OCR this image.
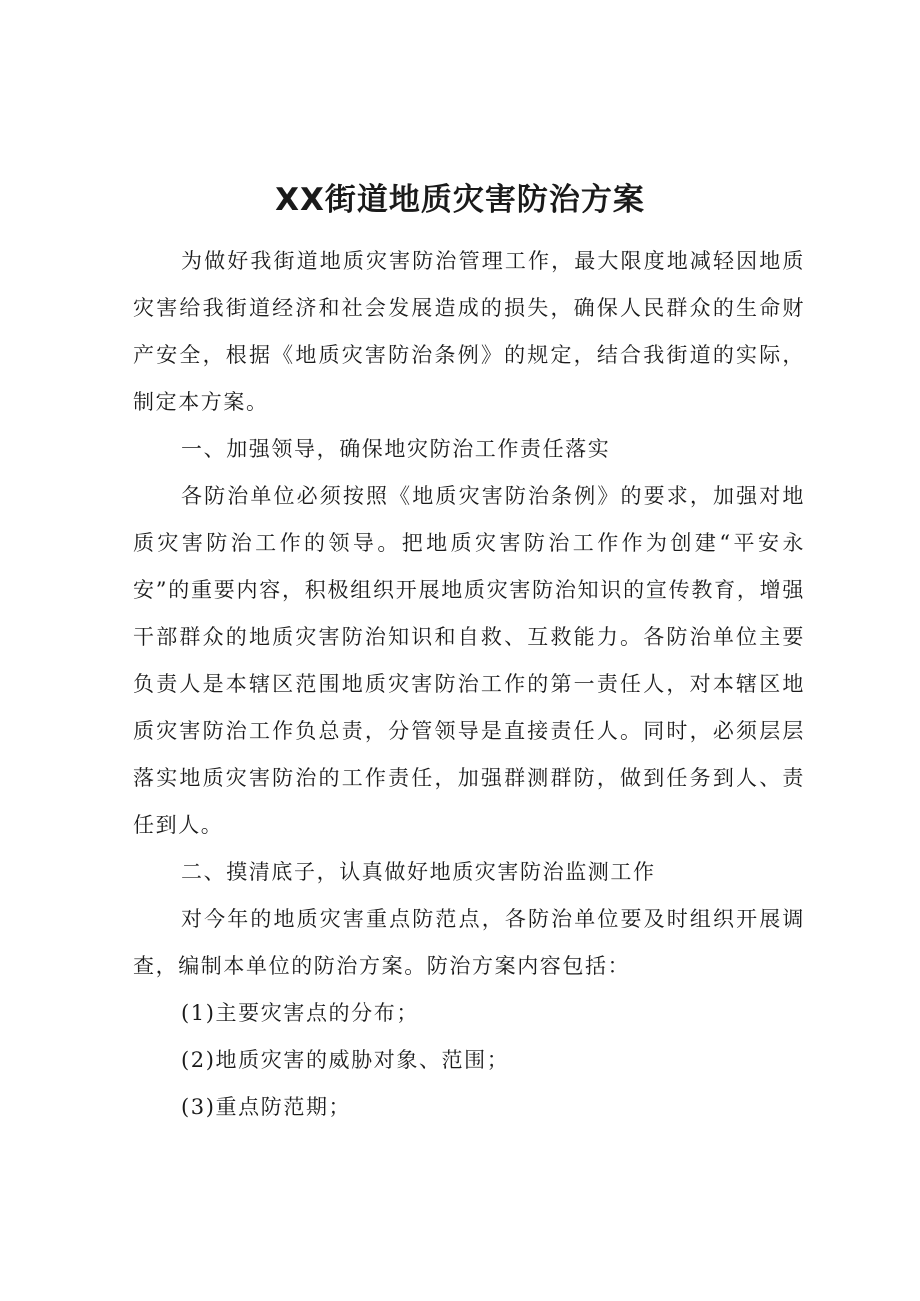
XX街道地质灾害防治方案

为做好我街道地质灾害防治管理工作，最大限度地减轻因地质灾害给我街道经济和社会发展造成的损失，确保人民群众的生命财产安全，根据《地质灾害防治条例》的规定，结合我街道的实际，制定本方案。

一、加强领导，确保地灾防治工作责任落实

各防治单位必须按照《地质灾害防治条例》的要求，加强对地质灾害防治工作的领导。把地质灾害防治工作作为创建“平安永安”的重要内容，积极组织开展地质灾害防治知识的宣传教育，增强干部群众的地质灾害防治知识和自救、互救能力。各防治单位主要负责人是本辖区范围地质灾害防治工作的第一责任人，对本辖区地质灾害防治工作负总责，分管领导是直接责任人。同时，必须层层落实地质灾害防治的工作责任，加强群测群防，做到任务到人、责任到人。

二、摸清底子，认真做好地质灾害防治监测工作

对今年的地质灾害重点防范点，各防治单位要及时组织开展调查，编制本单位的防治方案。防治方案内容包括：

(1)主要灾害点的分布；

(2)地质灾害的威胁对象、范围；

(3)重点防范期；
